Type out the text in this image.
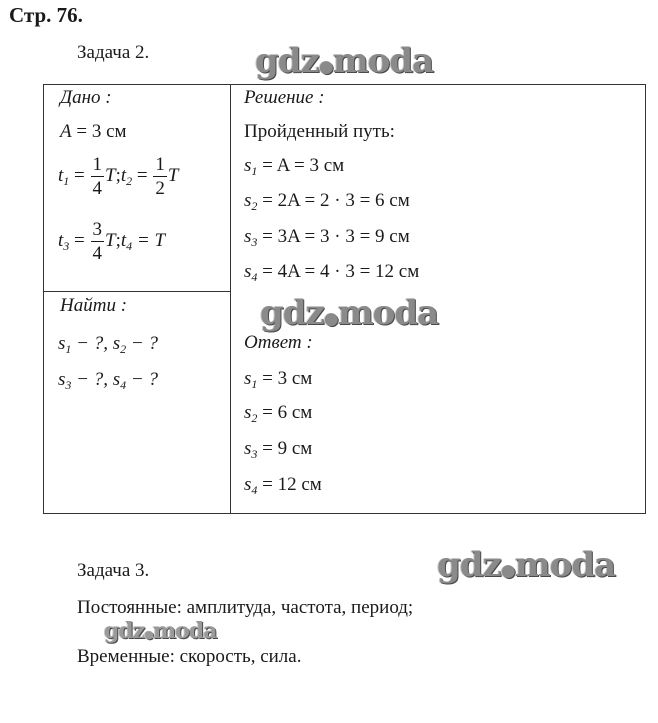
Стр. 76.
Задача 2.
Дано :
A = 3 см
$t_1 = \frac{1}{4}$ $T;t_2 = \frac{1}{2}$ T
$t_3 = \frac{3}{4}$ $T;t_4 = T$
Найти :
$s_1$ − ?, $s_2$ − ?
$s_3$ − ?, $s_4$ − ?
Решение :
Пройденный путь:
$s_1 = A = 3$ см
$s_2 = 2A = 2 \cdot 3 = 6$ см
$s_3 = 3A = 3 \cdot 3 = 9$ см
$s_4 = 4A = 4 \cdot 3 = 12$ см
Ответ :
$s_1 = 3$ см
$s_2 = 6$ см
$s_3 = 9$ см
$s_4 = 12$ см
Задача 3.
Постоянные: амплитуда, частота, период;
Временные: скорость, сила.
gdz●moda
gdz●moda
gdz●moda
gdz●moda
